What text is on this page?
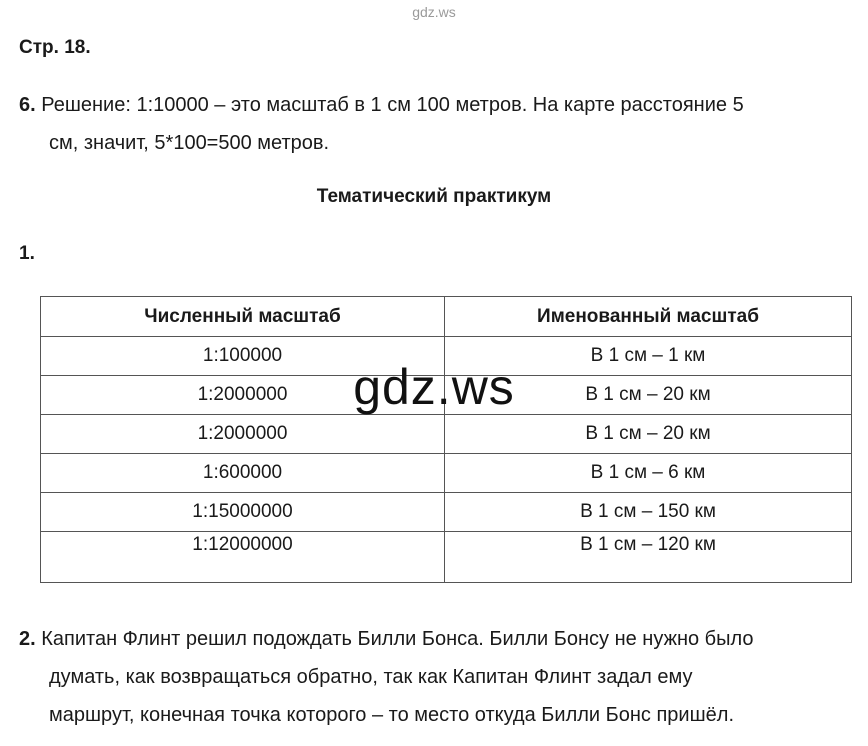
gdz.ws
Стр. 18.
6. Решение: 1:10000 – это масштаб в 1 см 100 метров. На карте расстояние 5
см, значит, 5*100=500 метров.
Тематический практикум
1.
Численный масштаб	Именованный масштаб
1:100000	В 1 см – 1 км
1:2000000	В 1 см – 20 км
1:2000000	В 1 см – 20 км
1:600000	В 1 см – 6 км
1:15000000	В 1 см – 150 км
1:12000000	В 1 см – 120 км
gdz.ws
2. Капитан Флинт решил подождать Билли Бонса. Билли Бонсу не нужно было
думать, как возвращаться обратно, так как Капитан Флинт задал ему
маршрут, конечная точка которого – то место откуда Билли Бонс пришёл.
